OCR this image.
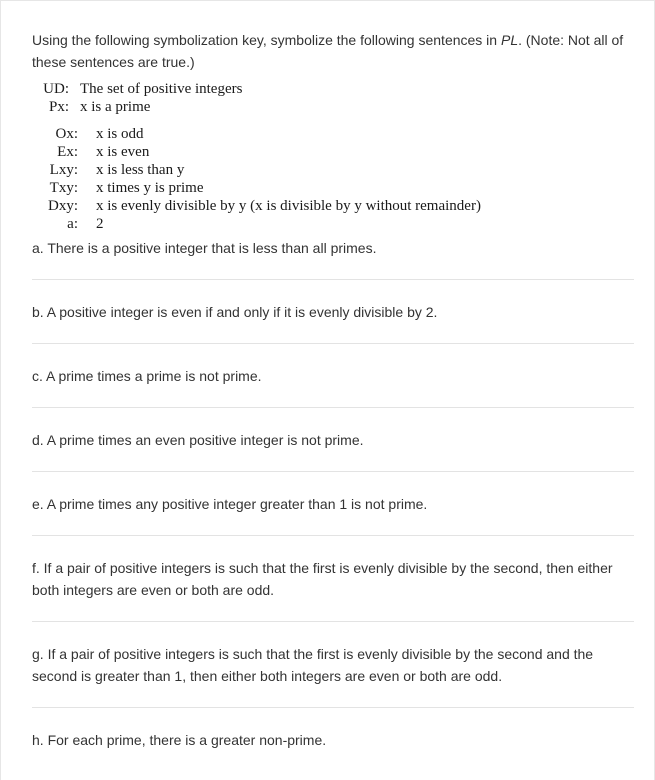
Using the following symbolization key, symbolize the following sentences in PL. (Note: Not all of these sentences are true.)

UD: The set of positive integers
Px: x is a prime
Ox: x is odd
Ex: x is even
Lxy: x is less than y
Txy: x times y is prime
Dxy: x is evenly divisible by y (x is divisible by y without remainder)
a: 2

a. There is a positive integer that is less than all primes.

b. A positive integer is even if and only if it is evenly divisible by 2.

c. A prime times a prime is not prime.

d. A prime times an even positive integer is not prime.

e. A prime times any positive integer greater than 1 is not prime.

f. If a pair of positive integers is such that the first is evenly divisible by the second, then either both integers are even or both are odd.

g. If a pair of positive integers is such that the first is evenly divisible by the second and the second is greater than 1, then either both integers are even or both are odd.

h. For each prime, there is a greater non-prime.
